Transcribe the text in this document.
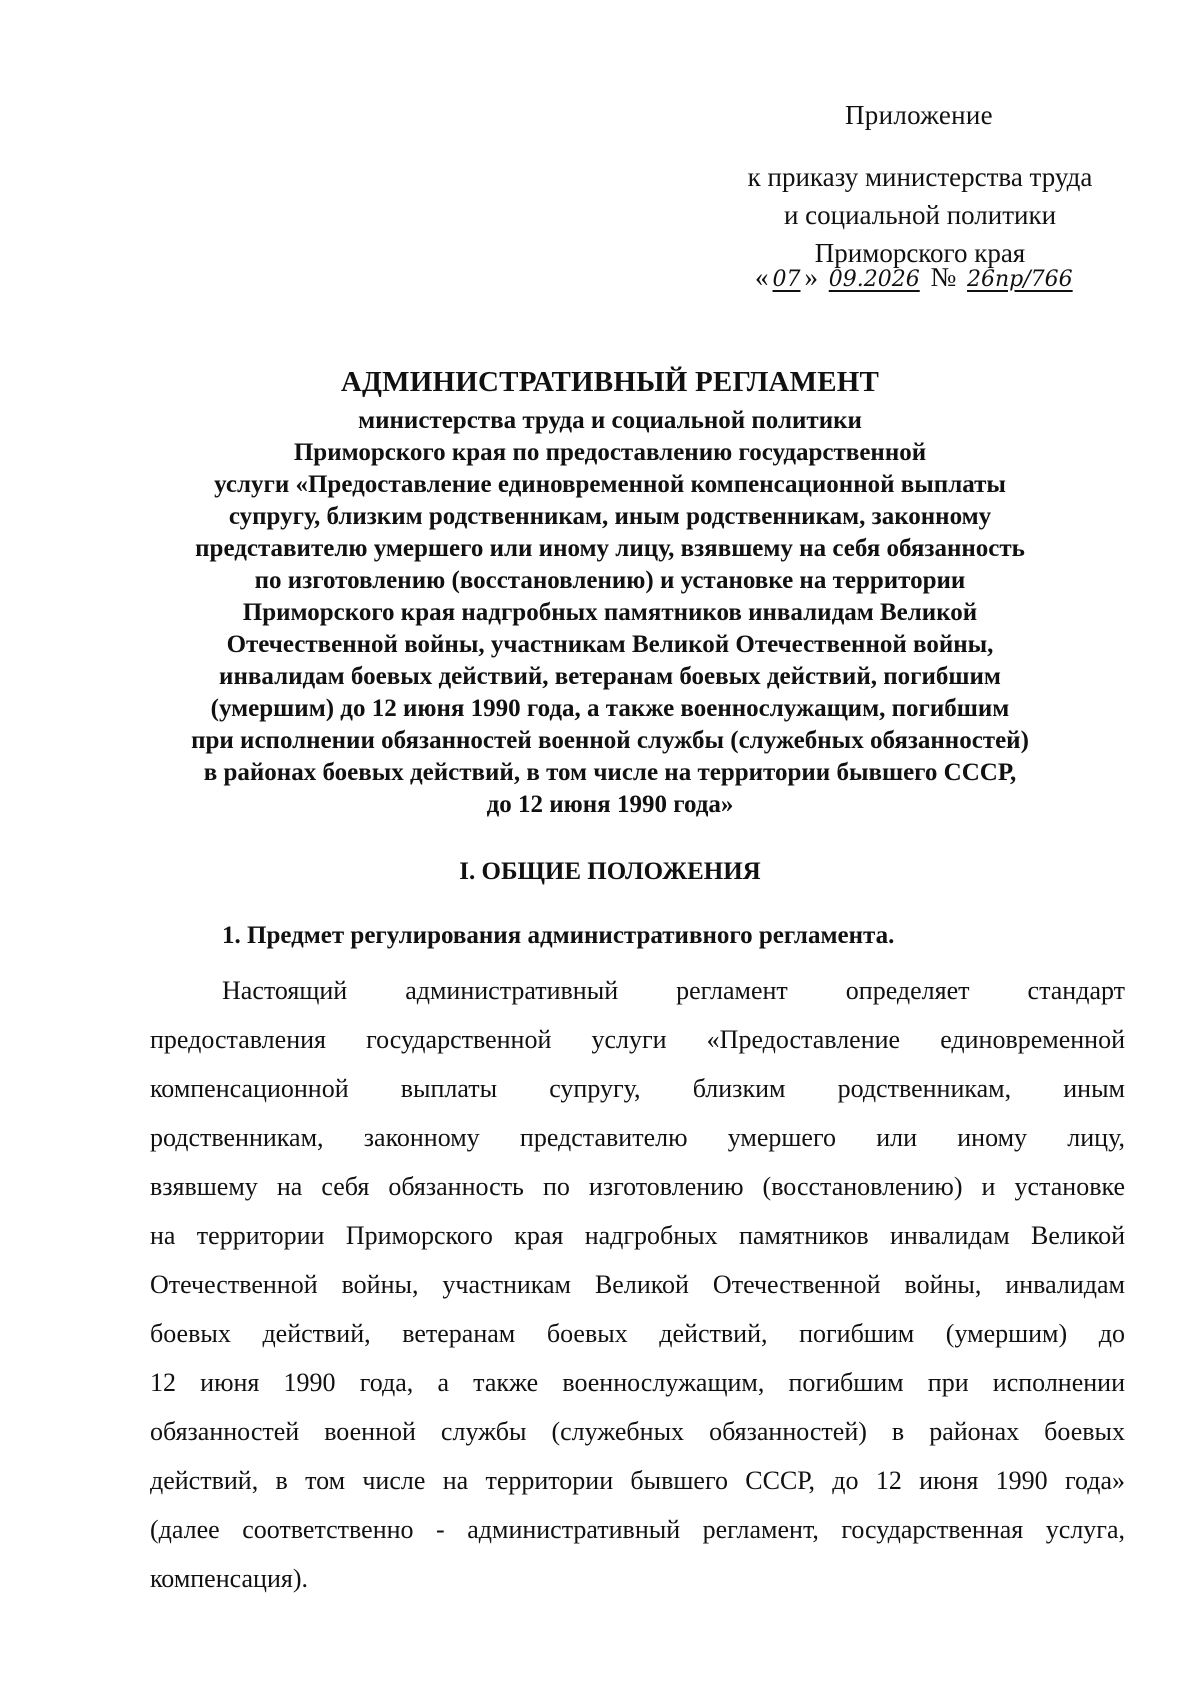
Приложение
к приказу министерства труда
и социальной политики
Приморского края
« 07 » 09.2026 № 26пр/766
АДМИНИСТРАТИВНЫЙ РЕГЛАМЕНТ
министерства труда и социальной политики
Приморского края по предоставлению государственной
услуги «Предоставление единовременной компенсационной выплаты
супругу, близким родственникам, иным родственникам, законному
представителю умершего или иному лицу, взявшему на себя обязанность
по изготовлению (восстановлению) и установке на территории
Приморского края надгробных памятников инвалидам Великой
Отечественной войны, участникам Великой Отечественной войны,
инвалидам боевых действий, ветеранам боевых действий, погибшим
(умершим) до 12 июня 1990 года, а также военнослужащим, погибшим
при исполнении обязанностей военной службы (служебных обязанностей)
в районах боевых действий, в том числе на территории бывшего СССР,
до 12 июня 1990 года»
I. ОБЩИЕ ПОЛОЖЕНИЯ
1. Предмет регулирования административного регламента.
Настоящий административный регламент определяет стандарт
предоставления государственной услуги «Предоставление единовременной
компенсационной выплаты супругу, близким родственникам, иным
родственникам, законному представителю умершего или иному лицу,
взявшему на себя обязанность по изготовлению (восстановлению) и установке
на территории Приморского края надгробных памятников инвалидам Великой
Отечественной войны, участникам Великой Отечественной войны, инвалидам
боевых действий, ветеранам боевых действий, погибшим (умершим) до
12 июня 1990 года, а также военнослужащим, погибшим при исполнении
обязанностей военной службы (служебных обязанностей) в районах боевых
действий, в том числе на территории бывшего СССР, до 12 июня 1990 года»
(далее соответственно - административный регламент, государственная услуга,
компенсация).
